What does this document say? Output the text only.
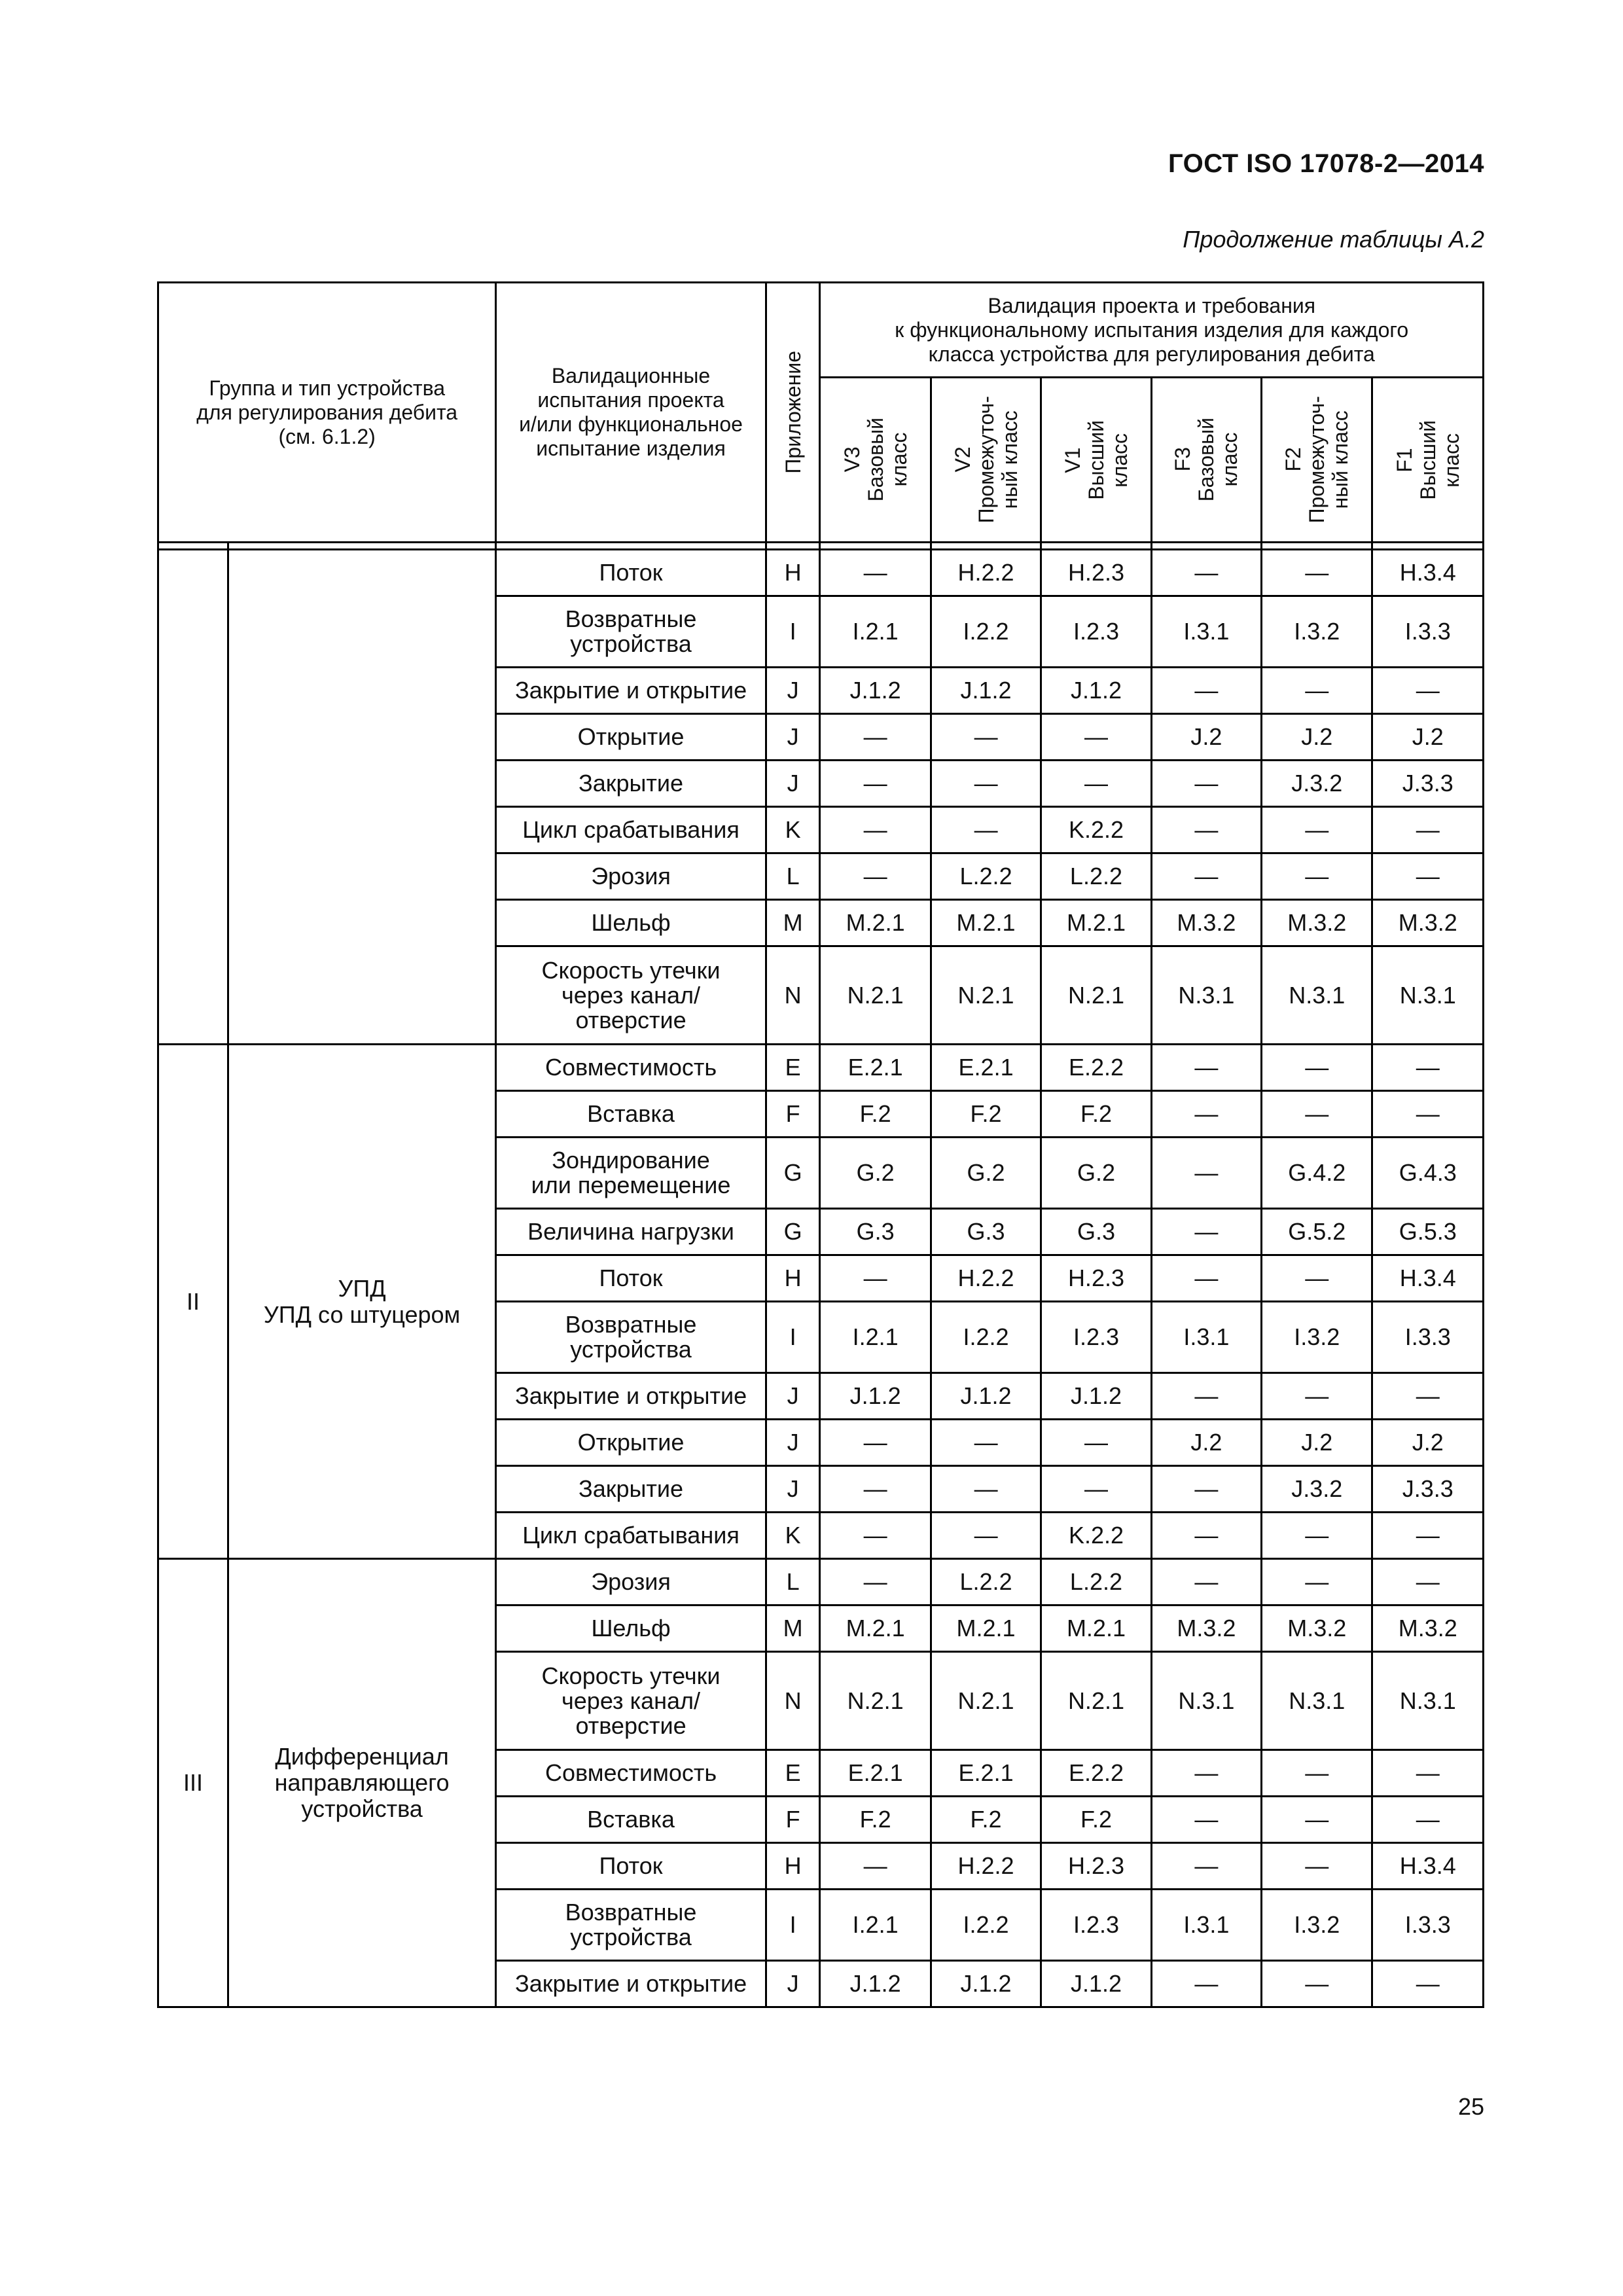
ГОСТ ISO 17078-2—2014
Продолжение таблицы А.2
Группа и тип устройства
для регулирования дебита
(см. 6.1.2)		Валидационные
испытания проекта
и/или функциональное
испытание изделия	Приложение	Валидация проекта и требования
к функциональному испытания изделия для каждого
класса устройства для регулирования дебита					

				V3
Базовый
класс	V2
Промежуточ-
ный класс	V1
Высший
класс	F3
Базовый
класс	F2
Промежуточ-
ный класс	F1
Высший
класс

		Поток	H	—	H.2.2	H.2.3	—	—	H.3.4
		Возвратные
устройства	I	I.2.1	I.2.2	I.2.3	I.3.1	I.3.2	I.3.3
		Закрытие и открытие	J	J.1.2	J.1.2	J.1.2	—	—	—
		Открытие	J	—	—	—	J.2	J.2	J.2
		Закрытие	J	—	—	—	—	J.3.2	J.3.3
		Цикл срабатывания	K	—	—	K.2.2	—	—	—
		Эрозия	L	—	L.2.2	L.2.2	—	—	—
		Шельф	M	M.2.1	M.2.1	M.2.1	M.3.2	M.3.2	M.3.2
		Скорость утечки
через канал/
отверстие	N	N.2.1	N.2.1	N.2.1	N.3.1	N.3.1	N.3.1
II	УПД
УПД со штуцером	Совместимость	E	E.2.1	E.2.1	E.2.2	—	—	—
		Вставка	F	F.2	F.2	F.2	—	—	—
		Зондирование
или перемещение	G	G.2	G.2	G.2	—	G.4.2	G.4.3
		Величина нагрузки	G	G.3	G.3	G.3	—	G.5.2	G.5.3
		Поток	H	—	H.2.2	H.2.3	—	—	H.3.4
		Возвратные
устройства	I	I.2.1	I.2.2	I.2.3	I.3.1	I.3.2	I.3.3
		Закрытие и открытие	J	J.1.2	J.1.2	J.1.2	—	—	—
		Открытие	J	—	—	—	J.2	J.2	J.2
		Закрытие	J	—	—	—	—	J.3.2	J.3.3
		Цикл срабатывания	K	—	—	K.2.2	—	—	—
III	Дифференциал
направляющего
устройства	Эрозия	L	—	L.2.2	L.2.2	—	—	—
		Шельф	M	M.2.1	M.2.1	M.2.1	M.3.2	M.3.2	M.3.2
		Скорость утечки
через канал/
отверстие	N	N.2.1	N.2.1	N.2.1	N.3.1	N.3.1	N.3.1
		Совместимость	E	E.2.1	E.2.1	E.2.2	—	—	—
		Вставка	F	F.2	F.2	F.2	—	—	—
		Поток	H	—	H.2.2	H.2.3	—	—	H.3.4
		Возвратные
устройства	I	I.2.1	I.2.2	I.2.3	I.3.1	I.3.2	I.3.3
		Закрытие и открытие	J	J.1.2	J.1.2	J.1.2	—	—	—
25
